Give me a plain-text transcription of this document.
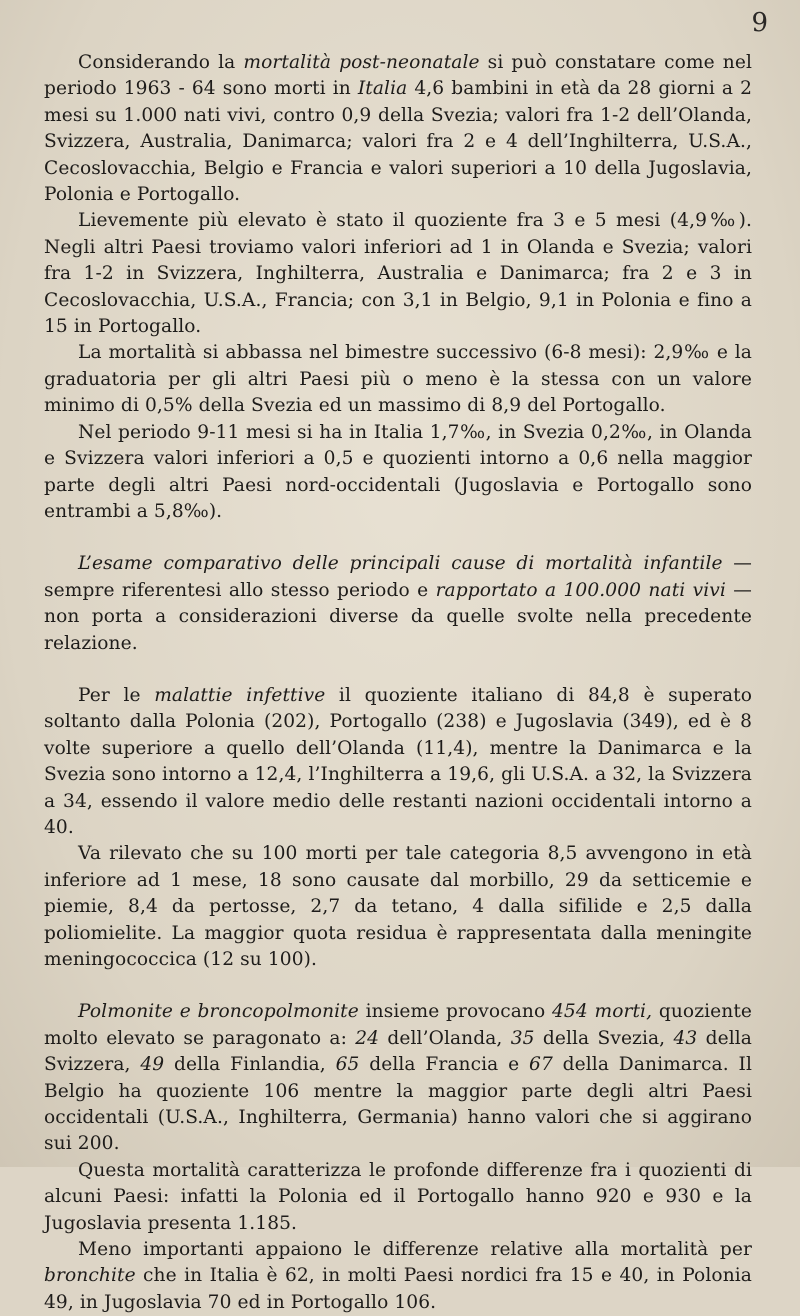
9

Considerando la mortalità post-neonatale si può constatare come nel periodo 1963 - 64 sono morti in Italia 4,6 bambini in età da 28 giorni a 2 mesi su 1.000 nati vivi, contro 0,9 della Svezia; valori fra 1-2 dell’Olanda, Svizzera, Australia, Danimarca; valori fra 2 e 4 dell’Inghilterra, U.S.A., Cecoslovacchia, Belgio e Francia e valori superiori a 10 della Jugoslavia, Polonia e Portogallo.

Lievemente più elevato è stato il quoziente fra 3 e 5 mesi (4,9‰). Negli altri Paesi troviamo valori inferiori ad 1 in Olanda e Svezia; valori fra 1-2 in Svizzera, Inghilterra, Australia e Danimarca; fra 2 e 3 in Cecoslovacchia, U.S.A., Francia; con 3,1 in Belgio, 9,1 in Polonia e fino a 15 in Portogallo.

La mortalità si abbassa nel bimestre successivo (6-8 mesi): 2,9‰ e la graduatoria per gli altri Paesi più o meno è la stessa con un valore minimo di 0,5% della Svezia ed un massimo di 8,9 del Portogallo.

Nel periodo 9-11 mesi si ha in Italia 1,7‰, in Svezia 0,2‰, in Olanda e Svizzera valori inferiori a 0,5 e quozienti intorno a 0,6 nella maggior parte degli altri Paesi nord-occidentali (Jugoslavia e Portogallo sono entrambi a 5,8‰).

L’esame comparativo delle principali cause di mortalità infantile — sempre riferentesi allo stesso periodo e rapportato a 100.000 nati vivi — non porta a considerazioni diverse da quelle svolte nella precedente relazione.

Per le malattie infettive il quoziente italiano di 84,8 è superato soltanto dalla Polonia (202), Portogallo (238) e Jugoslavia (349), ed è 8 volte superiore a quello dell’Olanda (11,4), mentre la Danimarca e la Svezia sono intorno a 12,4, l’Inghilterra a 19,6, gli U.S.A. a 32, la Svizzera a 34, essendo il valore medio delle restanti nazioni occidentali intorno a 40.

Va rilevato che su 100 morti per tale categoria 8,5 avvengono in età inferiore ad 1 mese, 18 sono causate dal morbillo, 29 da setticemie e piemie, 8,4 da pertosse, 2,7 da tetano, 4 dalla sifilide e 2,5 dalla poliomielite. La maggior quota residua è rappresentata dalla meningite meningococcica (12 su 100).

Polmonite e broncopolmonite insieme provocano 454 morti, quoziente molto elevato se paragonato a: 24 dell’Olanda, 35 della Svezia, 43 della Svizzera, 49 della Finlandia, 65 della Francia e 67 della Danimarca. Il Belgio ha quoziente 106 mentre la maggior parte degli altri Paesi occidentali (U.S.A., Inghilterra, Germania) hanno valori che si aggirano sui 200.

Questa mortalità caratterizza le profonde differenze fra i quozienti di alcuni Paesi: infatti la Polonia ed il Portogallo hanno 920 e 930 e la Jugoslavia presenta 1.185.

Meno importanti appaiono le differenze relative alla mortalità per bronchite che in Italia è 62, in molti Paesi nordici fra 15 e 40, in Polonia 49, in Jugoslavia 70 ed in Portogallo 106.
